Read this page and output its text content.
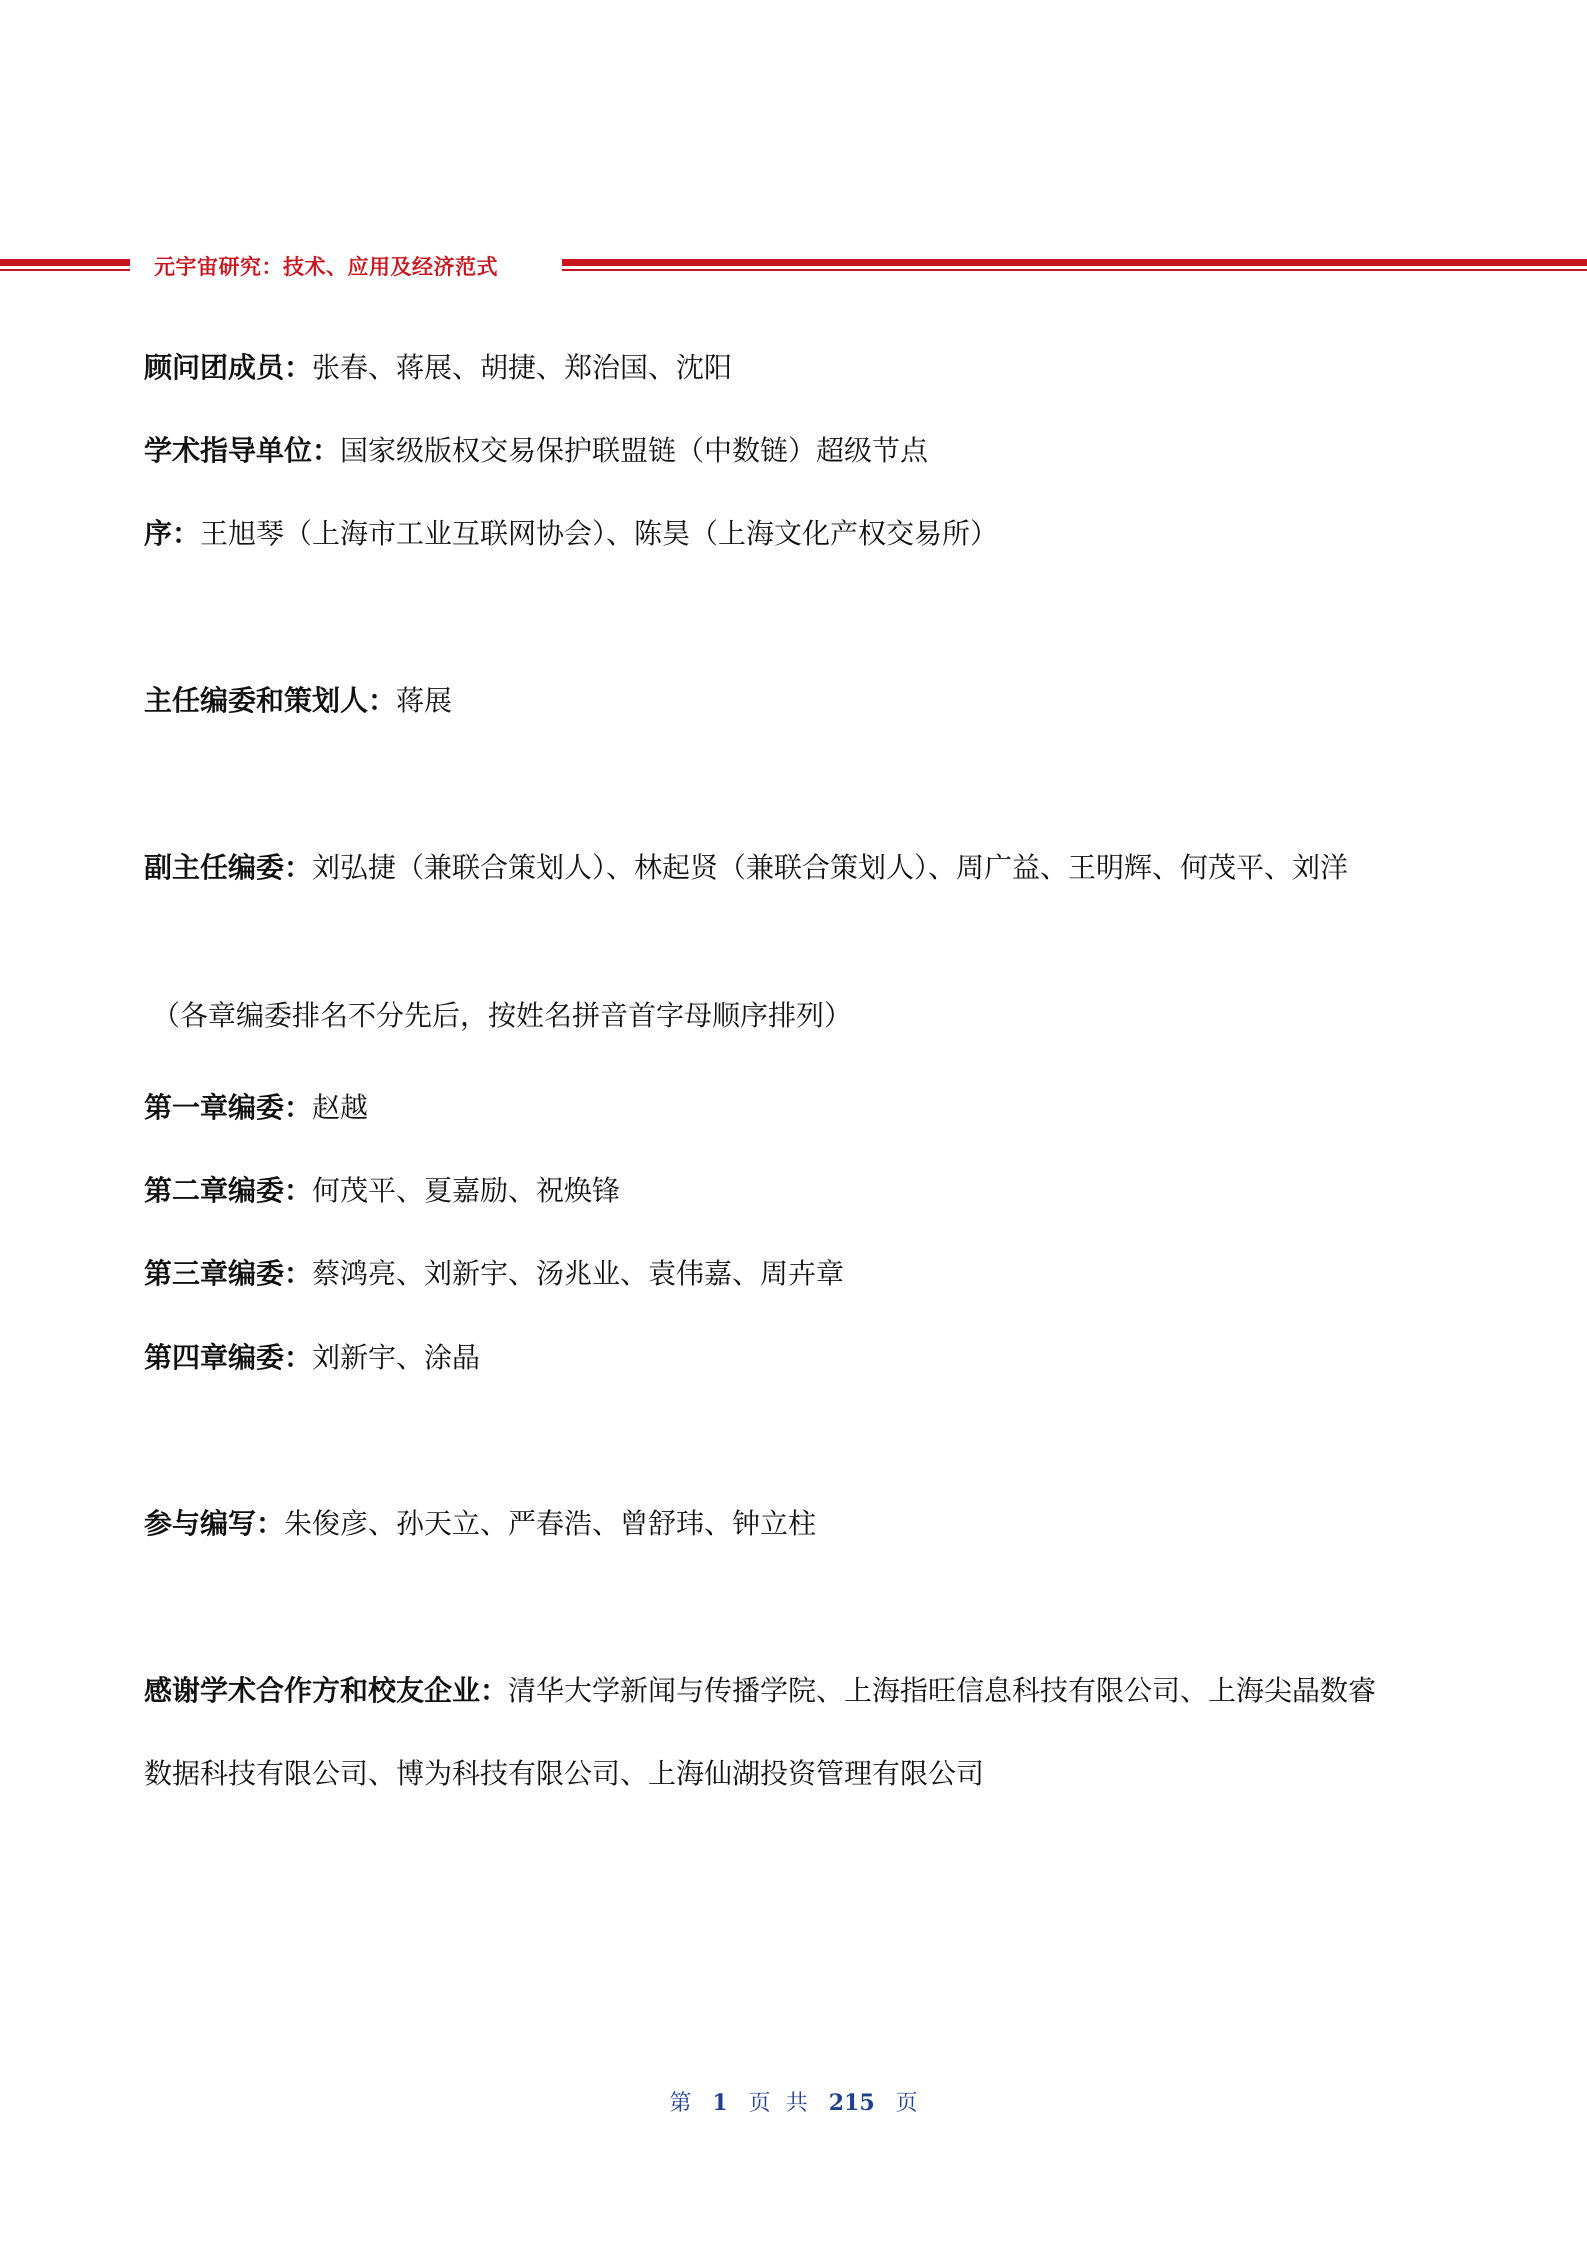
元宇宙研究：技术、应用及经济范式
顾问团成员：张春、蒋展、胡捷、郑治国、沈阳
学术指导单位：国家级版权交易保护联盟链（中数链）超级节点
序：王旭琴（上海市工业互联网协会）、陈昊（上海文化产权交易所）
主任编委和策划人：蒋展
副主任编委：刘弘捷（兼联合策划人）、林起贤（兼联合策划人）、周广益、王明辉、何茂平、刘洋
（各章编委排名不分先后，按姓名拼音首字母顺序排列）
第一章编委：赵越
第二章编委：何茂平、夏嘉励、祝焕锋
第三章编委：蔡鸿亮、刘新宇、汤兆业、袁伟嘉、周卉章
第四章编委：刘新宇、涂晶
参与编写：朱俊彦、孙天立、严春浩、曾舒玮、钟立柱
感谢学术合作方和校友企业：清华大学新闻与传播学院、上海指旺信息科技有限公司、上海尖晶数睿
数据科技有限公司、博为科技有限公司、上海仙湖投资管理有限公司
第 1 页 共 215 页
